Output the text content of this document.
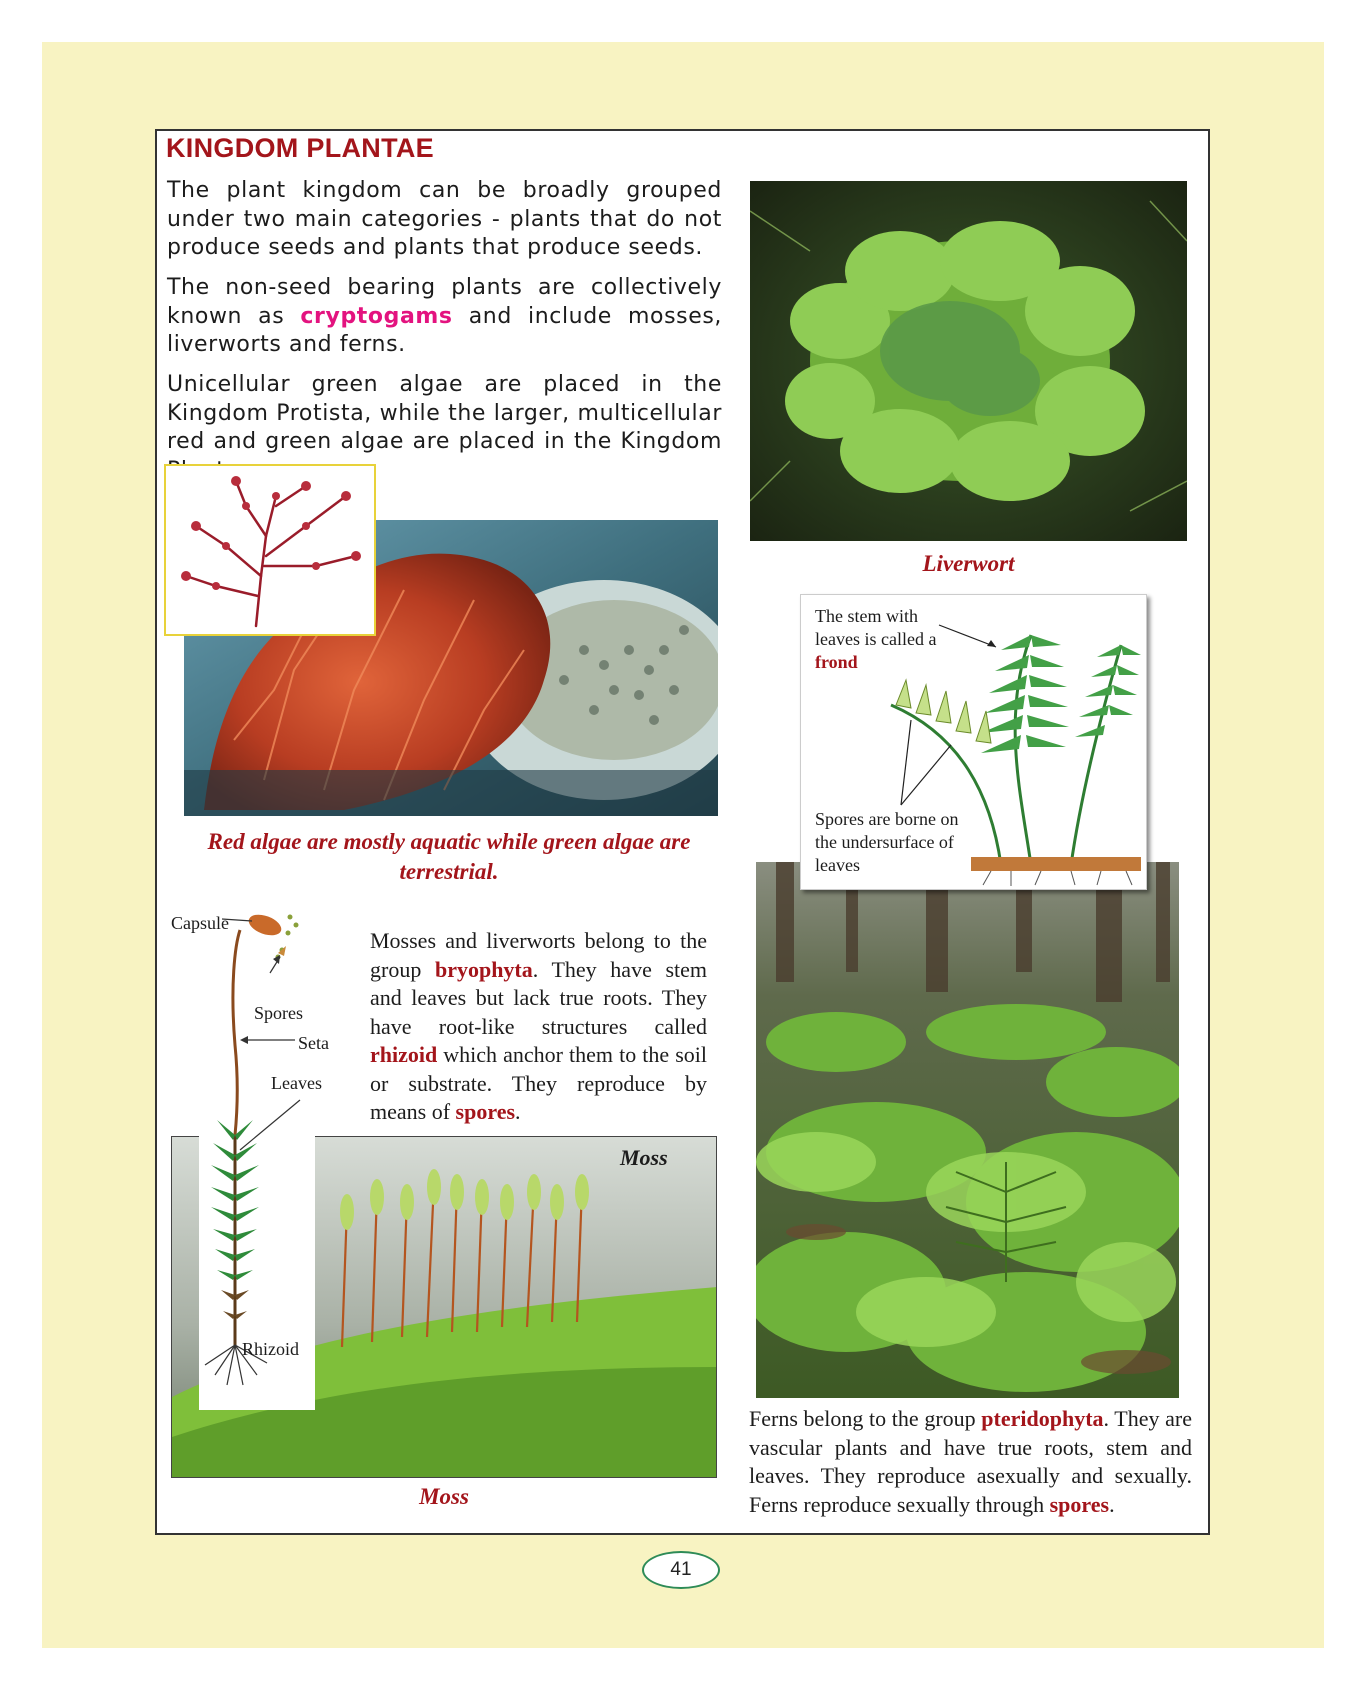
KINGDOM PLANTAE

The plant kingdom can be broadly grouped under two main categories - plants that do not produce seeds and plants that produce seeds.

The non-seed bearing plants are collectively known as cryptogams and include mosses, liverworts and ferns.

Unicellular green algae are placed in the Kingdom Protista, while the larger, multicellular red and green algae are placed in the Kingdom

Red algae are mostly aquatic while green algae are terrestrial.

Liverwort

The stem with leaves is called a frond
Spores are borne on the undersurface of leaves
Moss
Capsule
Spores
Seta
Leaves
Rhizoid

Mosses and liverworts belong to the group bryophyta. They have stem and leaves but lack true roots. They have root-like structures called rhizoid which anchor them to the soil or substrate. They reproduce by means of spores.

Moss

Ferns belong to the group pteridophyta. They are vascular plants and have true roots, stem and leaves. They reproduce asexually and sexually. Ferns reproduce sexually through spores.

41
